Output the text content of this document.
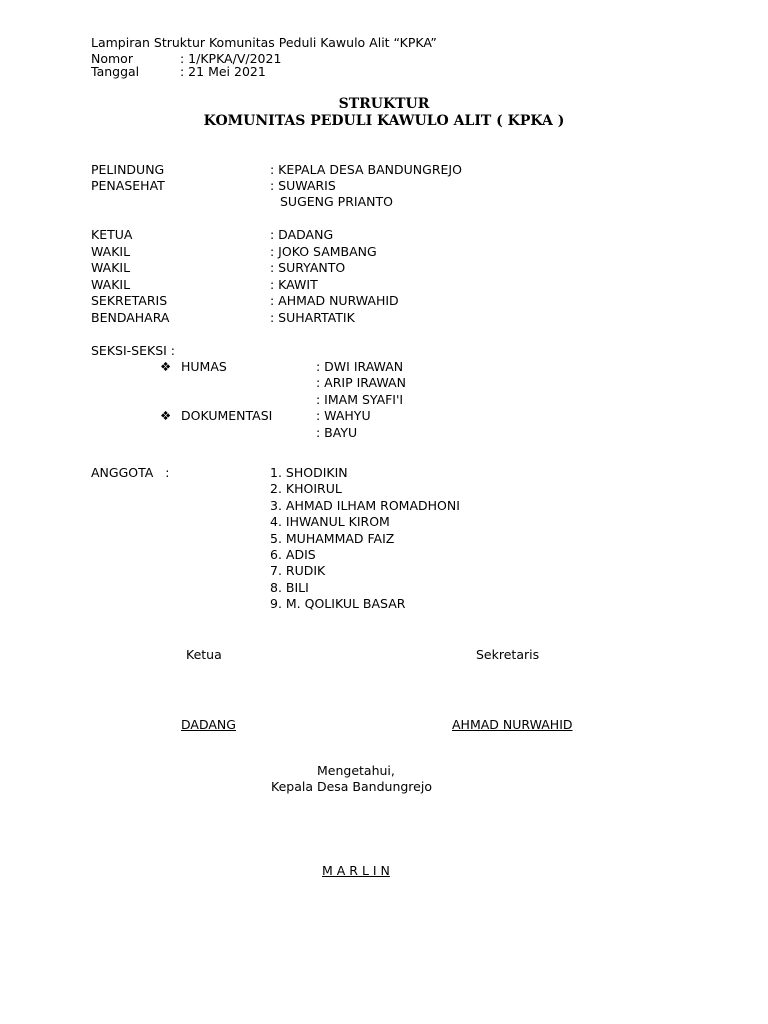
Lampiran Struktur Komunitas Peduli Kawulo Alit “KPKA”
Nomor	: 1/KPKA/V/2021
Tanggal	: 21 Mei 2021
STRUKTUR
KOMUNITAS PEDULI KAWULO ALIT ( KPKA )
PELINDUNG	: KEPALA DESA BANDUNGREJO
PENASEHAT	: SUWARIS
SUGENG PRIANTO
KETUA	: DADANG
WAKIL	: JOKO SAMBANG
WAKIL	: SURYANTO
WAKIL	: KAWIT
SEKRETARIS	: AHMAD NURWAHID
BENDAHARA	: SUHARTATIK
SEKSI-SEKSI :
❖ HUMAS	: DWI IRAWAN
: ARIP IRAWAN
: IMAM SYAFI'I
❖ DOKUMENTASI	: WAHYU
: BAYU
ANGGOTA   :	1. SHODIKIN
2. KHOIRUL
3. AHMAD ILHAM ROMADHONI
4. IHWANUL KIROM
5. MUHAMMAD FAIZ
6. ADIS
7. RUDIK
8. BILI
9. M. QOLIKUL BASAR
Ketua	Sekretaris
DADANG	AHMAD NURWAHID
Mengetahui,
Kepala Desa Bandungrejo
M A R L I N
